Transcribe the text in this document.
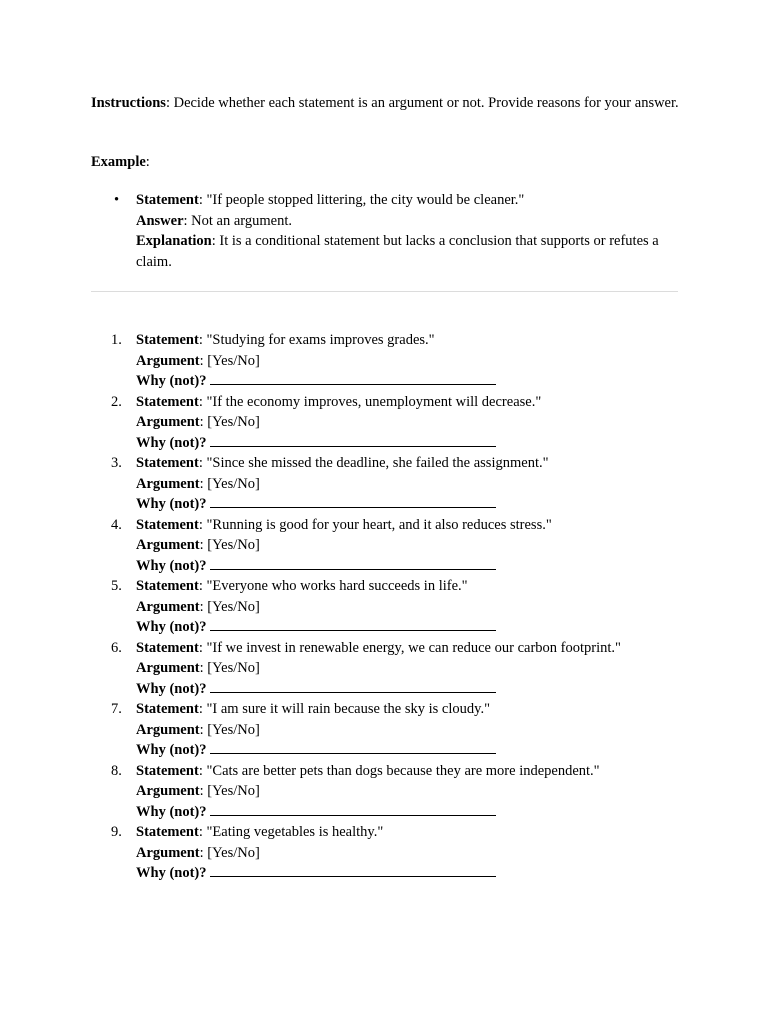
Instructions: Decide whether each statement is an argument or not. Provide reasons for your answer.

Example:

• Statement: "If people stopped littering, the city would be cleaner."
Answer: Not an argument.
Explanation: It is a conditional statement but lacks a conclusion that supports or refutes a claim.
1. Statement: "Studying for exams improves grades."
Argument: [Yes/No]
Why (not)?
2. Statement: "If the economy improves, unemployment will decrease."
Argument: [Yes/No]
Why (not)?
3. Statement: "Since she missed the deadline, she failed the assignment."
Argument: [Yes/No]
Why (not)?
4. Statement: "Running is good for your heart, and it also reduces stress."
Argument: [Yes/No]
Why (not)?
5. Statement: "Everyone who works hard succeeds in life."
Argument: [Yes/No]
Why (not)?
6. Statement: "If we invest in renewable energy, we can reduce our carbon footprint."
Argument: [Yes/No]
Why (not)?
7. Statement: "I am sure it will rain because the sky is cloudy."
Argument: [Yes/No]
Why (not)?
8. Statement: "Cats are better pets than dogs because they are more independent."
Argument: [Yes/No]
Why (not)?
9. Statement: "Eating vegetables is healthy."
Argument: [Yes/No]
Why (not)?
